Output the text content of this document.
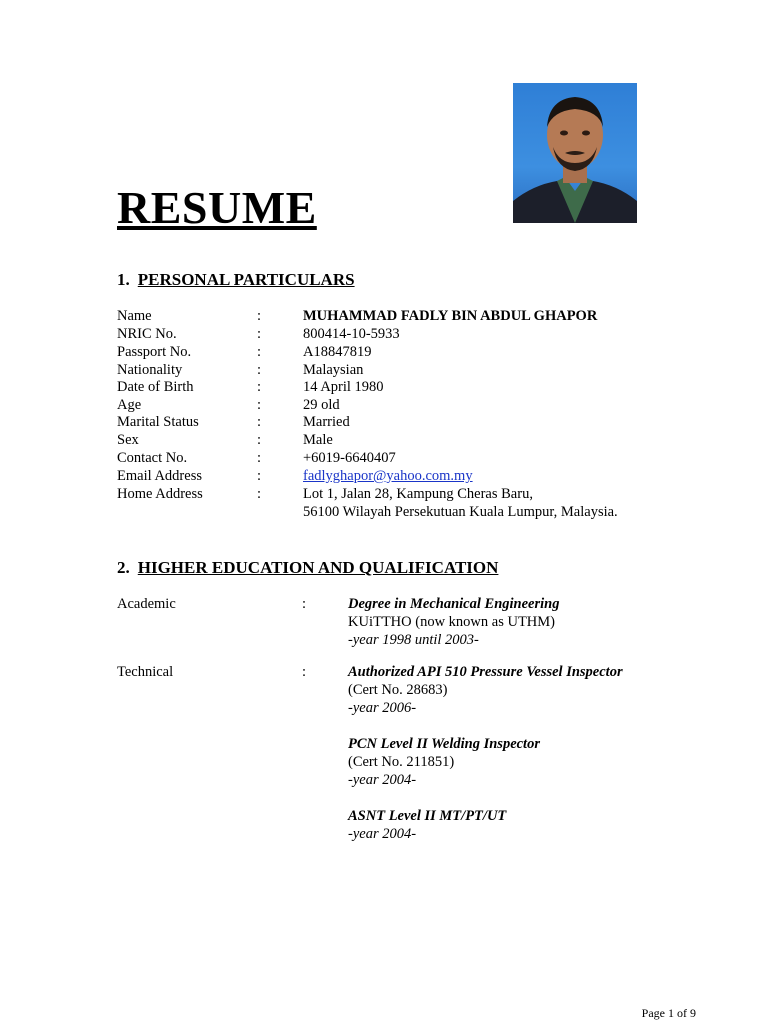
RESUME
1. PERSONAL PARTICULARS
Name	:	MUHAMMAD FADLY BIN ABDUL GHAPOR
NRIC No.	:	800414-10-5933
Passport No.	:	A18847819
Nationality	:	Malaysian
Date of Birth	:	14 April 1980
Age	:	29 old
Marital Status	:	Married
Sex	:	Male
Contact No.	:	+6019-6640407
Email Address	:	fadlyghapor@yahoo.com.my
Home Address	:	Lot 1, Jalan 28, Kampung Cheras Baru,
56100 Wilayah Persekutuan Kuala Lumpur, Malaysia.
2. HIGHER EDUCATION AND QUALIFICATION
Academic	:	Degree in Mechanical Engineering
KUiTTHO (now known as UTHM)
-year 1998 until 2003-
Technical	:	Authorized API 510 Pressure Vessel Inspector
(Cert No. 28683)
-year 2006-
PCN Level II Welding Inspector
(Cert No. 211851)
-year 2004-
ASNT Level II MT/PT/UT
-year 2004-
Page 1 of 9
